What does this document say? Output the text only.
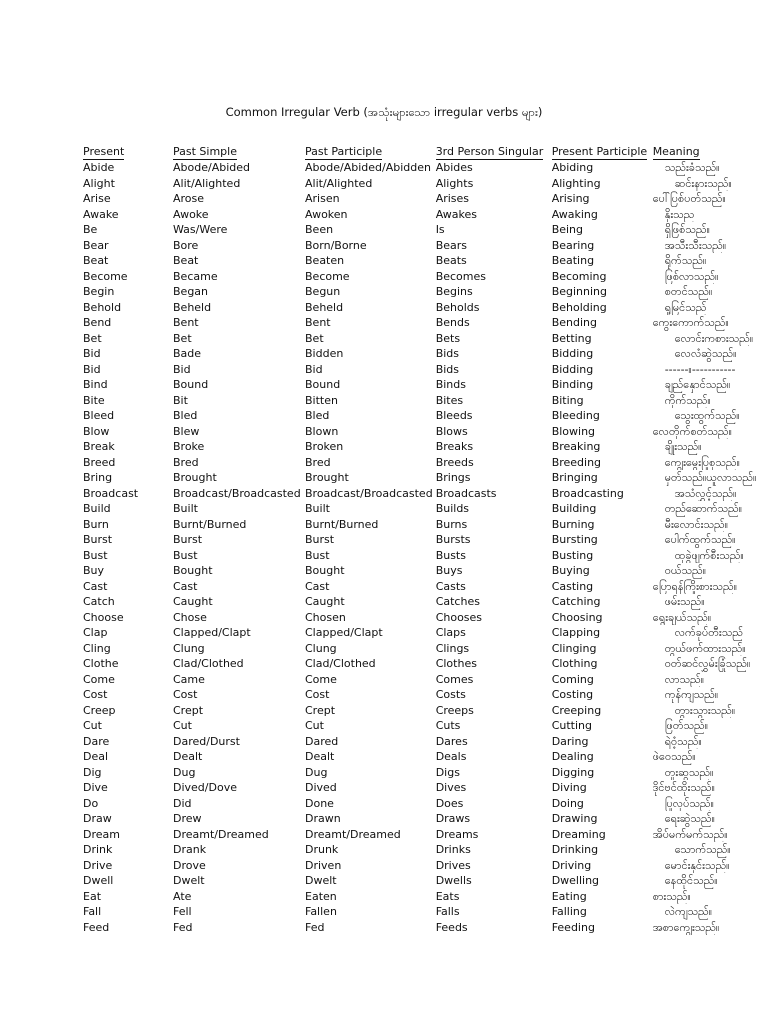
Common Irregular Verb (အသုံးများသော irregular verbs များ)
Present	Past Simple	Past Participle	3rd Person Singular	Present Participle	Meaning
Abide	Abode/Abided	Abode/Abided/Abidden	Abides	Abiding	သည်းခံသည်။
Alight	Alit/Alighted	Alit/Alighted	Alights	Alighting	ဆင်းနားသည်။
Arise	Arose	Arisen	Arises	Arising	ပေါ်ပြစ်ပတ်သည်။
Awake	Awoke	Awoken	Awakes	Awaking	နိုးသည
Be	Was/Were	Been	Is	Being	ရှိဖြစ်သည်။
Bear	Bore	Born/Borne	Bears	Bearing	အသီးသီးသည်။
Beat	Beat	Beaten	Beats	Beating	ရိုက်သည်။
Become	Became	Become	Becomes	Becoming	ဖြစ်လာသည်။
Begin	Began	Begun	Begins	Beginning	စတင်သည်။
Behold	Beheld	Beheld	Beholds	Beholding	ရှုမြင်သည်
Bend	Bent	Bent	Bends	Bending	ကွေးကောက်သည်။
Bet	Bet	Bet	Bets	Betting	လောင်းကစားသည်။
Bid	Bade	Bidden	Bids	Bidding	လေလံဆွဲသည်။
Bid	Bid	Bid	Bids	Bidding	------။-----------
Bind	Bound	Bound	Binds	Binding	ချည်နှောင်သည်။
Bite	Bit	Bitten	Bites	Biting	ကိုက်သည်။
Bleed	Bled	Bled	Bleeds	Bleeding	သွေးထွက်သည်။
Blow	Blew	Blown	Blows	Blowing	လေတိုက်စတ်သည်။
Break	Broke	Broken	Breaks	Breaking	ချိုးသည်။
Breed	Bred	Bred	Breeds	Breeding	ကျွေးမွေးပြုစုသည်။
Bring	Brought	Brought	Brings	Bringing	မှတ်သည်။ယူလာသည်။
Broadcast	Broadcast/Broadcasted	Broadcast/Broadcasted	Broadcasts	Broadcasting	အသံလွှင့်သည်။
Build	Built	Built	Builds	Building	တည်ဆောက်သည်။
Burn	Burnt/Burned	Burnt/Burned	Burns	Burning	မီးလောင်းသည်။
Burst	Burst	Burst	Bursts	Bursting	ပေါက်ထွက်သည်။
Bust	Bust	Bust	Busts	Busting	ထုခွဲဖျက်စီးသည်။
Buy	Bought	Bought	Buys	Buying	ဝယ်သည်။
Cast	Cast	Cast	Casts	Casting	ပြောရန်ကြိုးစားသည်။
Catch	Caught	Caught	Catches	Catching	ဖမ်းသည်။
Choose	Chose	Chosen	Chooses	Choosing	ရွေးချယ်သည်။
Clap	Clapped/Clapt	Clapped/Clapt	Claps	Clapping	လက်ခုပ်တီးသည်
Cling	Clung	Clung	Clings	Clinging	တွယ်ဖက်ထားသည်။
Clothe	Clad/Clothed	Clad/Clothed	Clothes	Clothing	ဝတ်ဆင်လွှမ်းခြုံသည်။
Come	Came	Come	Comes	Coming	လာသည်။
Cost	Cost	Cost	Costs	Costing	ကုန်ကျသည်။
Creep	Crept	Crept	Creeps	Creeping	တွားသွားသည်။
Cut	Cut	Cut	Cuts	Cutting	ဖြတ်သည်။
Dare	Dared/Durst	Dared	Dares	Daring	ရဲဝံ့သည်။
Deal	Dealt	Dealt	Deals	Dealing	ဖဲဝေသည်။
Dig	Dug	Dug	Digs	Digging	တူးဆွသည်။
Dive	Dived/Dove	Dived	Dives	Diving	ဒိုင်ဗင်ထိုးသည်။
Do	Did	Done	Does	Doing	ပြုလုပ်သည်။
Draw	Drew	Drawn	Draws	Drawing	ရေးဆွဲသည်။
Dream	Dreamt/Dreamed	Dreamt/Dreamed	Dreams	Dreaming	အိပ်မက်မက်သည်။
Drink	Drank	Drunk	Drinks	Drinking	သောက်သည်။
Drive	Drove	Driven	Drives	Driving	မောင်းနှင်းသည်။
Dwell	Dwelt	Dwelt	Dwells	Dwelling	နေထိုင်သည်။
Eat	Ate	Eaten	Eats	Eating	စားသည်။
Fall	Fell	Fallen	Falls	Falling	လဲကျသည်။
Feed	Fed	Fed	Feeds	Feeding	အစာကျွေးသည်။
